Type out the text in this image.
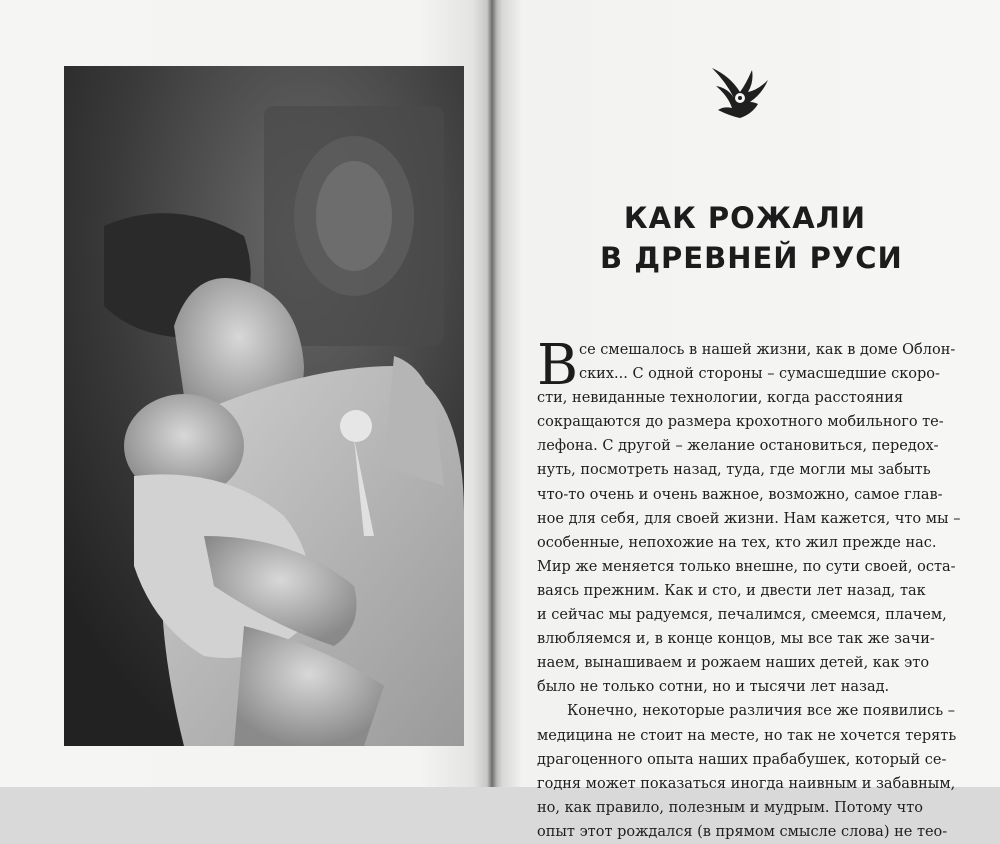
КАК РОЖАЛИ
В ДРЕВНЕЙ РУСИ
В се смешалось в нашей жизни, как в доме Облон-
ских... С одной стороны – сумасшедшие скоро-
сти, невиданные технологии, когда расстояния
сокращаются до размера крохотного мобильного те-
лефона. С другой – желание остановиться, передох-
нуть, посмотреть назад, туда, где могли мы забыть
что-то очень и очень важное, возможно, самое глав-
ное для себя, для своей жизни. Нам кажется, что мы –
особенные, непохожие на тех, кто жил прежде нас.
Мир же меняется только внешне, по сути своей, оста-
ваясь прежним. Как и сто, и двести лет назад, так
и сейчас мы радуемся, печалимся, смеемся, плачем,
влюбляемся и, в конце концов, мы все так же зачи-
наем, вынашиваем и рожаем наших детей, как это
было не только сотни, но и тысячи лет назад.
Конечно, некоторые различия все же появились –
медицина не стоит на месте, но так не хочется терять
драгоценного опыта наших прабабушек, который се-
годня может показаться иногда наивным и забавным,
но, как правило, полезным и мудрым. Потому что
опыт этот рождался (в прямом смысле слова) не тео-
